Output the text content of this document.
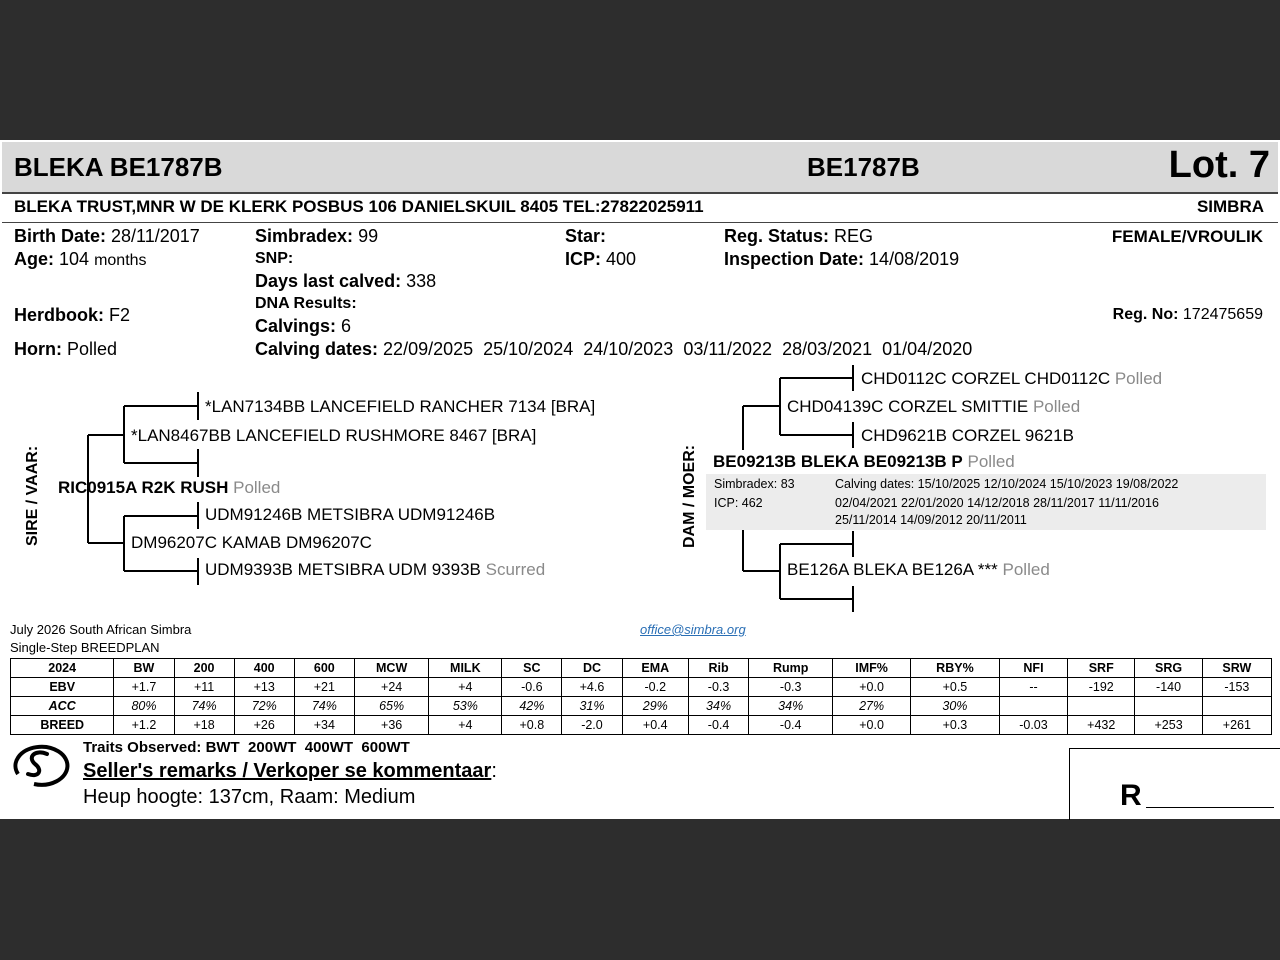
BLEKA BE1787B	BE1787B	Lot. 7
BLEKA TRUST,MNR W DE KLERK POSBUS 106 DANIELSKUIL 8405 TEL:27822025911	SIMBRA
Birth Date: 28/11/2017
Age: 104 months
Herdbook: F2
Horn: Polled
Simbradex: 99
SNP:
Days last calved: 338
DNA Results:
Calvings: 6
Calving dates: 22/09/2025  25/10/2024  24/10/2023  03/11/2022  28/03/2021  01/04/2020
Star:
ICP: 400
Reg. Status: REG
Inspection Date: 14/08/2019
FEMALE/VROULIK
Reg. No: 172475659
SIRE / VAAR:	DAM / MOER:
*LAN7134BB LANCEFIELD RANCHER 7134 [BRA]
*LAN8467BB LANCEFIELD RUSHMORE 8467 [BRA]
RIC0915A R2K RUSH Polled
UDM91246B METSIBRA UDM91246B
DM96207C KAMAB DM96207C
UDM9393B METSIBRA UDM 9393B Scurred
CHD0112C CORZEL CHD0112C Polled
CHD04139C CORZEL SMITTIE Polled
CHD9621B CORZEL 9621B
BE09213B BLEKA BE09213B P Polled
Simbradex: 83
ICP: 462
Calving dates: 15/10/2025 12/10/2024 15/10/2023 19/08/2022
02/04/2021 22/01/2020 14/12/2018 28/11/2017 11/11/2016
25/11/2014 14/09/2012 20/11/2011
BE126A BLEKA BE126A *** Polled
July 2026 South African Simbra
Single-Step BREEDPLAN
office@simbra.org
2024	BW	200	400	600	MCW	MILK	SC	DC	EMA	Rib	Rump	IMF%	RBY%	NFI	SRF	SRG	SRW
EBV	+1.7	+11	+13	+21	+24	+4	-0.6	+4.6	-0.2	-0.3	-0.3	+0.0	+0.5	--	-192	-140	-153
ACC	80%	74%	72%	74%	65%	53%	42%	31%	29%	34%	34%	27%	30%				
BREED	+1.2	+18	+26	+34	+36	+4	+0.8	-2.0	+0.4	-0.4	-0.4	+0.0	+0.3	-0.03	+432	+253	+261
Traits Observed: BWT  200WT  400WT  600WT
Seller's remarks / Verkoper se kommentaar:
Heup hoogte: 137cm, Raam: Medium	R
